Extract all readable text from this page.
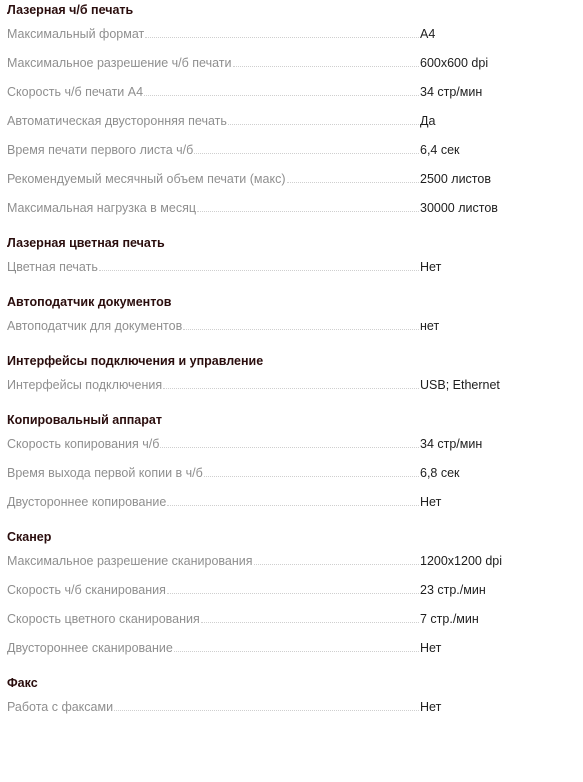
Лазерная ч/б печать
Максимальный формат	A4
Максимальное разрешение ч/б печати	600x600 dpi
Скорость ч/б печати A4	34 стр/мин
Автоматическая двусторонняя печать	Да
Время печати первого листа ч/б	6,4 сек
Рекомендуемый месячный объем печати (макс)	2500 листов
Максимальная нагрузка в месяц	30000 листов
Лазерная цветная печать
Цветная печать	Нет
Автоподатчик документов
Автоподатчик для документов	нет
Интерфейсы подключения и управление
Интерфейсы подключения	USB; Ethernet
Копировальный аппарат
Скорость копирования ч/б	34 стр/мин
Время выхода первой копии в ч/б	6,8 сек
Двустороннее копирование	Нет
Сканер
Максимальное разрешение сканирования	1200x1200 dpi
Скорость ч/б сканирования	23 стр./мин
Скорость цветного сканирования	7 стр./мин
Двустороннее сканирование	Нет
Факс
Работа с факсами	Нет
